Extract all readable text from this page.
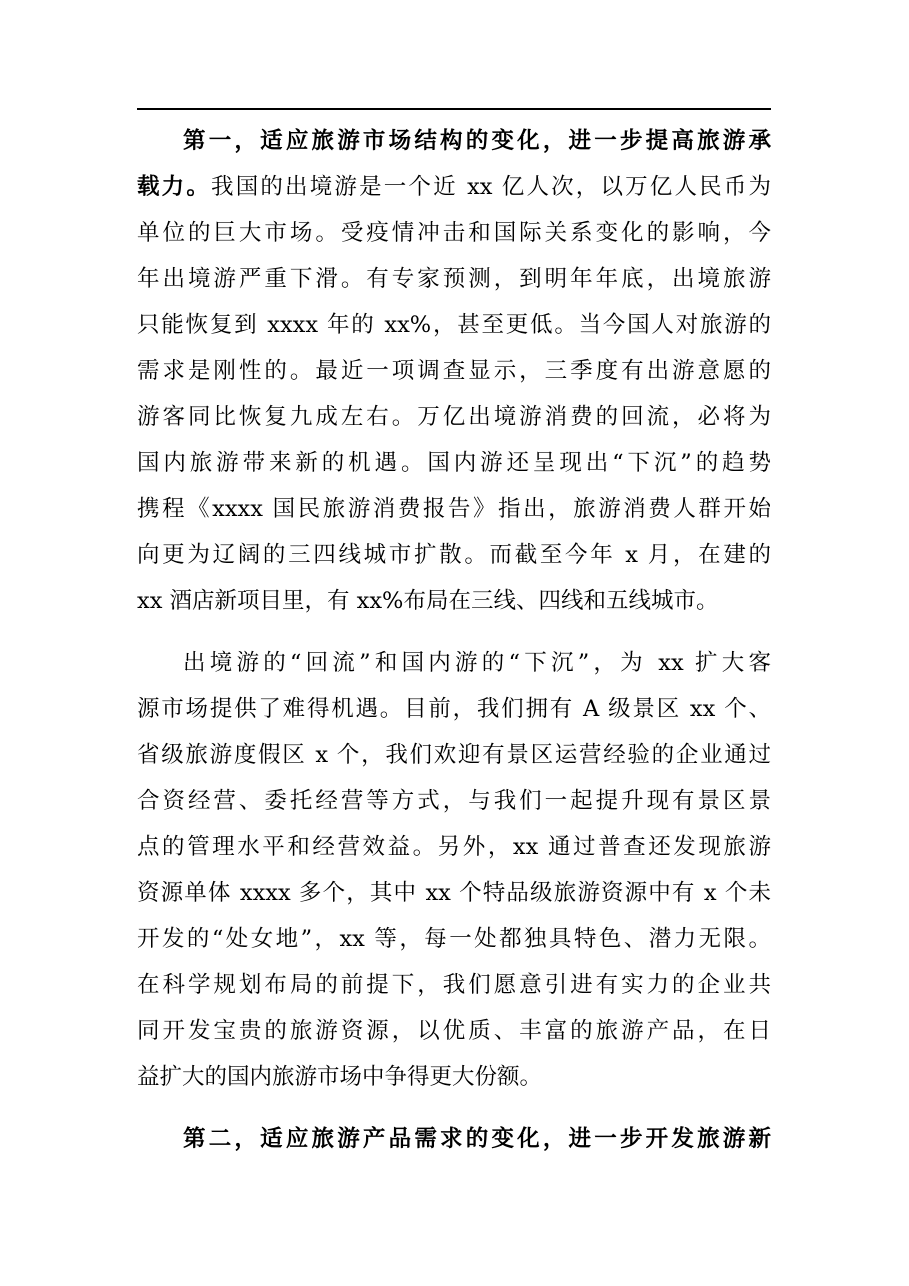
第一，适应旅游市场结构的变化，进一步提高旅游承
载力。我国的出境游是一个近 xx 亿人次，以万亿人民币为
单位的巨大市场。受疫情冲击和国际关系变化的影响，今
年出境游严重下滑。有专家预测，到明年年底，出境旅游
只能恢复到 xxxx 年的 xx%，甚至更低。当今国人对旅游的
需求是刚性的。最近一项调查显示，三季度有出游意愿的
游客同比恢复九成左右。万亿出境游消费的回流，必将为
国内旅游带来新的机遇。国内游还呈现出“下沉”的趋势
携程《xxxx 国民旅游消费报告》指出，旅游消费人群开始
向更为辽阔的三四线城市扩散。而截至今年 x 月，在建的
xx 酒店新项目里，有 xx%布局在三线、四线和五线城市。
出境游的“回流”和国内游的“下沉”，为 xx 扩大客
源市场提供了难得机遇。目前，我们拥有 A 级景区 xx 个、
省级旅游度假区 x 个，我们欢迎有景区运营经验的企业通过
合资经营、委托经营等方式，与我们一起提升现有景区景
点的管理水平和经营效益。另外，xx 通过普查还发现旅游
资源单体 xxxx 多个，其中 xx 个特品级旅游资源中有 x 个未
开发的“处女地”，xx 等，每一处都独具特色、潜力无限。
在科学规划布局的前提下，我们愿意引进有实力的企业共
同开发宝贵的旅游资源，以优质、丰富的旅游产品，在日
益扩大的国内旅游市场中争得更大份额。
第二，适应旅游产品需求的变化，进一步开发旅游新
